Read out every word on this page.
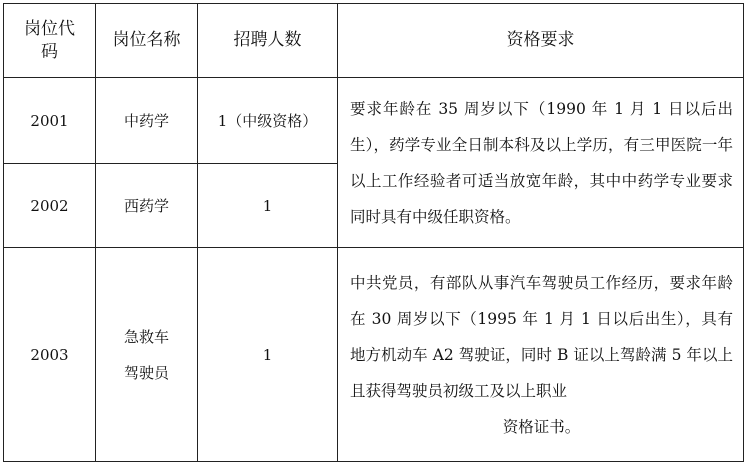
岗位代码	岗位名称	招聘人数	资格要求
2001	中药学	1（中级资格）	要求年龄在 35 周岁以下（1990 年 1 月 1 日以后出生），药学专业全日制本科及以上学历，有三甲医院一年以上工作经验者可适当放宽年龄，其中中药学专业要求同时具有中级任职资格。
2002	西药学	1	
2003	急救车驾驶员	1	中共党员，有部队从事汽车驾驶员工作经历，要求年龄在 30 周岁以下（1995 年 1 月 1 日以后出生），具有地方机动车 A2 驾驶证，同时 B 证以上驾龄满 5 年以上且获得驾驶员初级工及以上职业
资格证书。
